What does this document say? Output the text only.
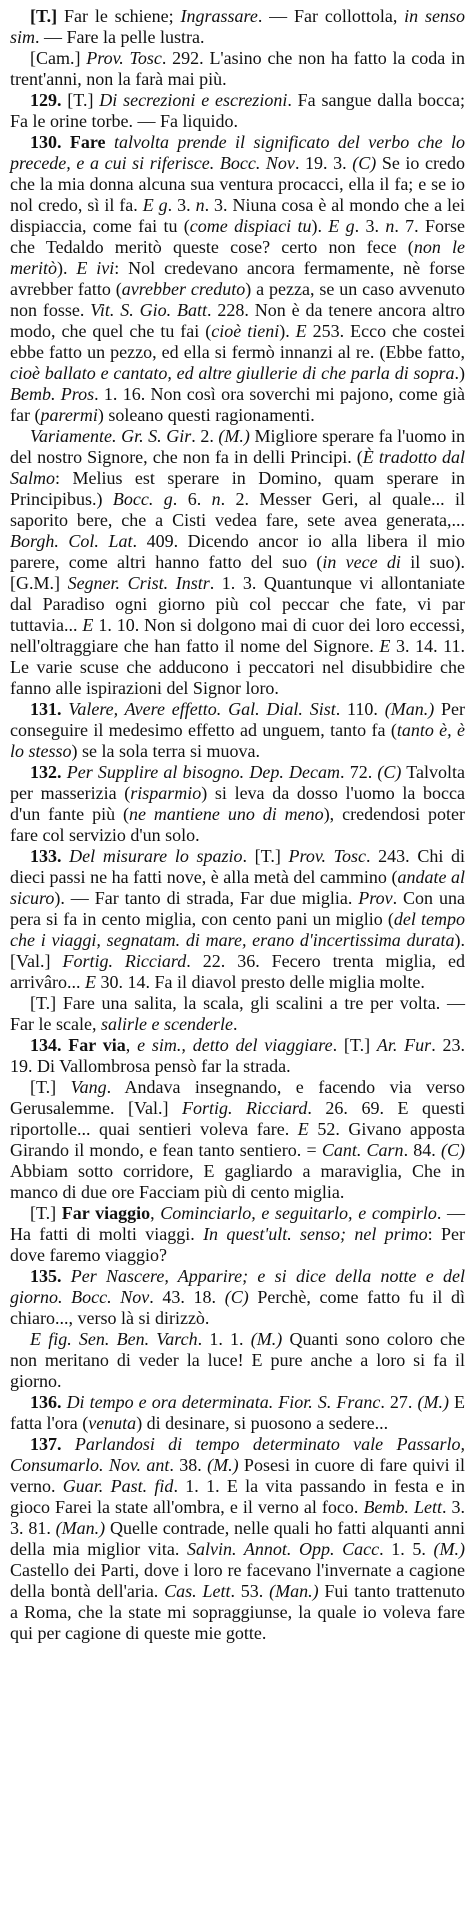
[T.] Far le schiene; Ingrassare. — Far collottola, in senso sim. — Fare la pelle lustra.

[Cam.] Prov. Tosc. 292. L'asino che non ha fatto la coda in trent'anni, non la farà mai più.

129. [T.] Di secrezioni e escrezioni. Fa sangue dalla bocca; Fa le orine torbe. — Fa liquido.

130. Fare talvolta prende il significato del verbo che lo precede, e a cui si riferisce. Bocc. Nov. 19. 3. (C) Se io credo che la mia donna alcuna sua ventura procacci, ella il fa; e se io nol credo, sì il fa. E g. 3. n. 3. Niuna cosa è al mondo che a lei dispiaccia, come fai tu (come dispiaci tu). E g. 3. n. 7. Forse che Tedaldo meritò queste cose? certo non fece (non le meritò). E ivi: Nol credevano ancora fermamente, nè forse avrebber fatto (avrebber creduto) a pezza, se un caso avvenuto non fosse. Vit. S. Gio. Batt. 228. Non è da tenere ancora altro modo, che quel che tu fai (cioè tieni). E 253. Ecco che costei ebbe fatto un pezzo, ed ella si fermò innanzi al re. (Ebbe fatto, cioè ballato e cantato, ed altre giullerie di che parla di sopra.) Bemb. Pros. 1. 16. Non così ora soverchi mi pajono, come già far (parermi) soleano questi ragionamenti.

Variamente. Gr. S. Gir. 2. (M.) Migliore sperare fa l'uomo in del nostro Signore, che non fa in delli Principi. (È tradotto dal Salmo: Melius est sperare in Domino, quam sperare in Principibus.) Bocc. g. 6. n. 2. Messer Geri, al quale... il saporito bere, che a Cisti vedea fare, sete avea generata,... Borgh. Col. Lat. 409. Dicendo ancor io alla libera il mio parere, come altri hanno fatto del suo (in vece di il suo). [G.M.] Segner. Crist. Instr. 1. 3. Quantunque vi allontaniate dal Paradiso ogni giorno più col peccar che fate, vi par tuttavia... E 1. 10. Non si dolgono mai di cuor dei loro eccessi, nell'oltraggiare che han fatto il nome del Signore. E 3. 14. 11. Le varie scuse che adducono i peccatori nel disubbidire che fanno alle ispirazioni del Signor loro.

131. Valere, Avere effetto. Gal. Dial. Sist. 110. (Man.) Per conseguire il medesimo effetto ad unguem, tanto fa (tanto è, è lo stesso) se la sola terra si muova.

132. Per Supplire al bisogno. Dep. Decam. 72. (C) Talvolta per masserizia (risparmio) si leva da dosso l'uomo la bocca d'un fante più (ne mantiene uno di meno), credendosi poter fare col servizio d'un solo.

133. Del misurare lo spazio. [T.] Prov. Tosc. 243. Chi di dieci passi ne ha fatti nove, è alla metà del cammino (andate al sicuro). — Far tanto di strada, Far due miglia. Prov. Con una pera si fa in cento miglia, con cento pani un miglio (del tempo che i viaggi, segnatam. di mare, erano d'incertissima durata). [Val.] Fortig. Ricciard. 22. 36. Fecero trenta miglia, ed arrivâro... E 30. 14. Fa il diavol presto delle miglia molte.

[T.] Fare una salita, la scala, gli scalini a tre per volta. — Far le scale, salirle e scenderle.

134. Far via, e sim., detto del viaggiare. [T.] Ar. Fur. 23. 19. Di Vallombrosa pensò far la strada.

[T.] Vang. Andava insegnando, e facendo via verso Gerusalemme. [Val.] Fortig. Ricciard. 26. 69. E questi riportolle... quai sentieri voleva fare. E 52. Givano apposta Girando il mondo, e fean tanto sentiero. = Cant. Carn. 84. (C) Abbiam sotto corridore, E gagliardo a maraviglia, Che in manco di due ore Facciam più di cento miglia.

[T.] Far viaggio, Cominciarlo, e seguitarlo, e compirlo. — Ha fatti di molti viaggi. In quest'ult. senso; nel primo: Per dove faremo viaggio?

135. Per Nascere, Apparire; e si dice della notte e del giorno. Bocc. Nov. 43. 18. (C) Perchè, come fatto fu il dì chiaro..., verso là si dirizzò.

E fig. Sen. Ben. Varch. 1. 1. (M.) Quanti sono coloro che non meritano di veder la luce! E pure anche a loro si fa il giorno.

136. Di tempo e ora determinata. Fior. S. Franc. 27. (M.) E fatta l'ora (venuta) di desinare, si puosono a sedere...

137. Parlandosi di tempo determinato vale Passarlo, Consumarlo. Nov. ant. 38. (M.) Posesi in cuore di fare quivi il verno. Guar. Past. fid. 1. 1. E la vita passando in festa e in gioco Farei la state all'ombra, e il verno al foco. Bemb. Lett. 3. 3. 81. (Man.) Quelle contrade, nelle quali ho fatti alquanti anni della mia miglior vita. Salvin. Annot. Opp. Cacc. 1. 5. (M.) Castello dei Parti, dove i loro re facevano l'invernate a cagione della bontà dell'aria. Cas. Lett. 53. (Man.) Fui tanto trattenuto a Roma, che la state mi sopraggiunse, la quale io voleva fare qui per cagione di queste mie gotte.
